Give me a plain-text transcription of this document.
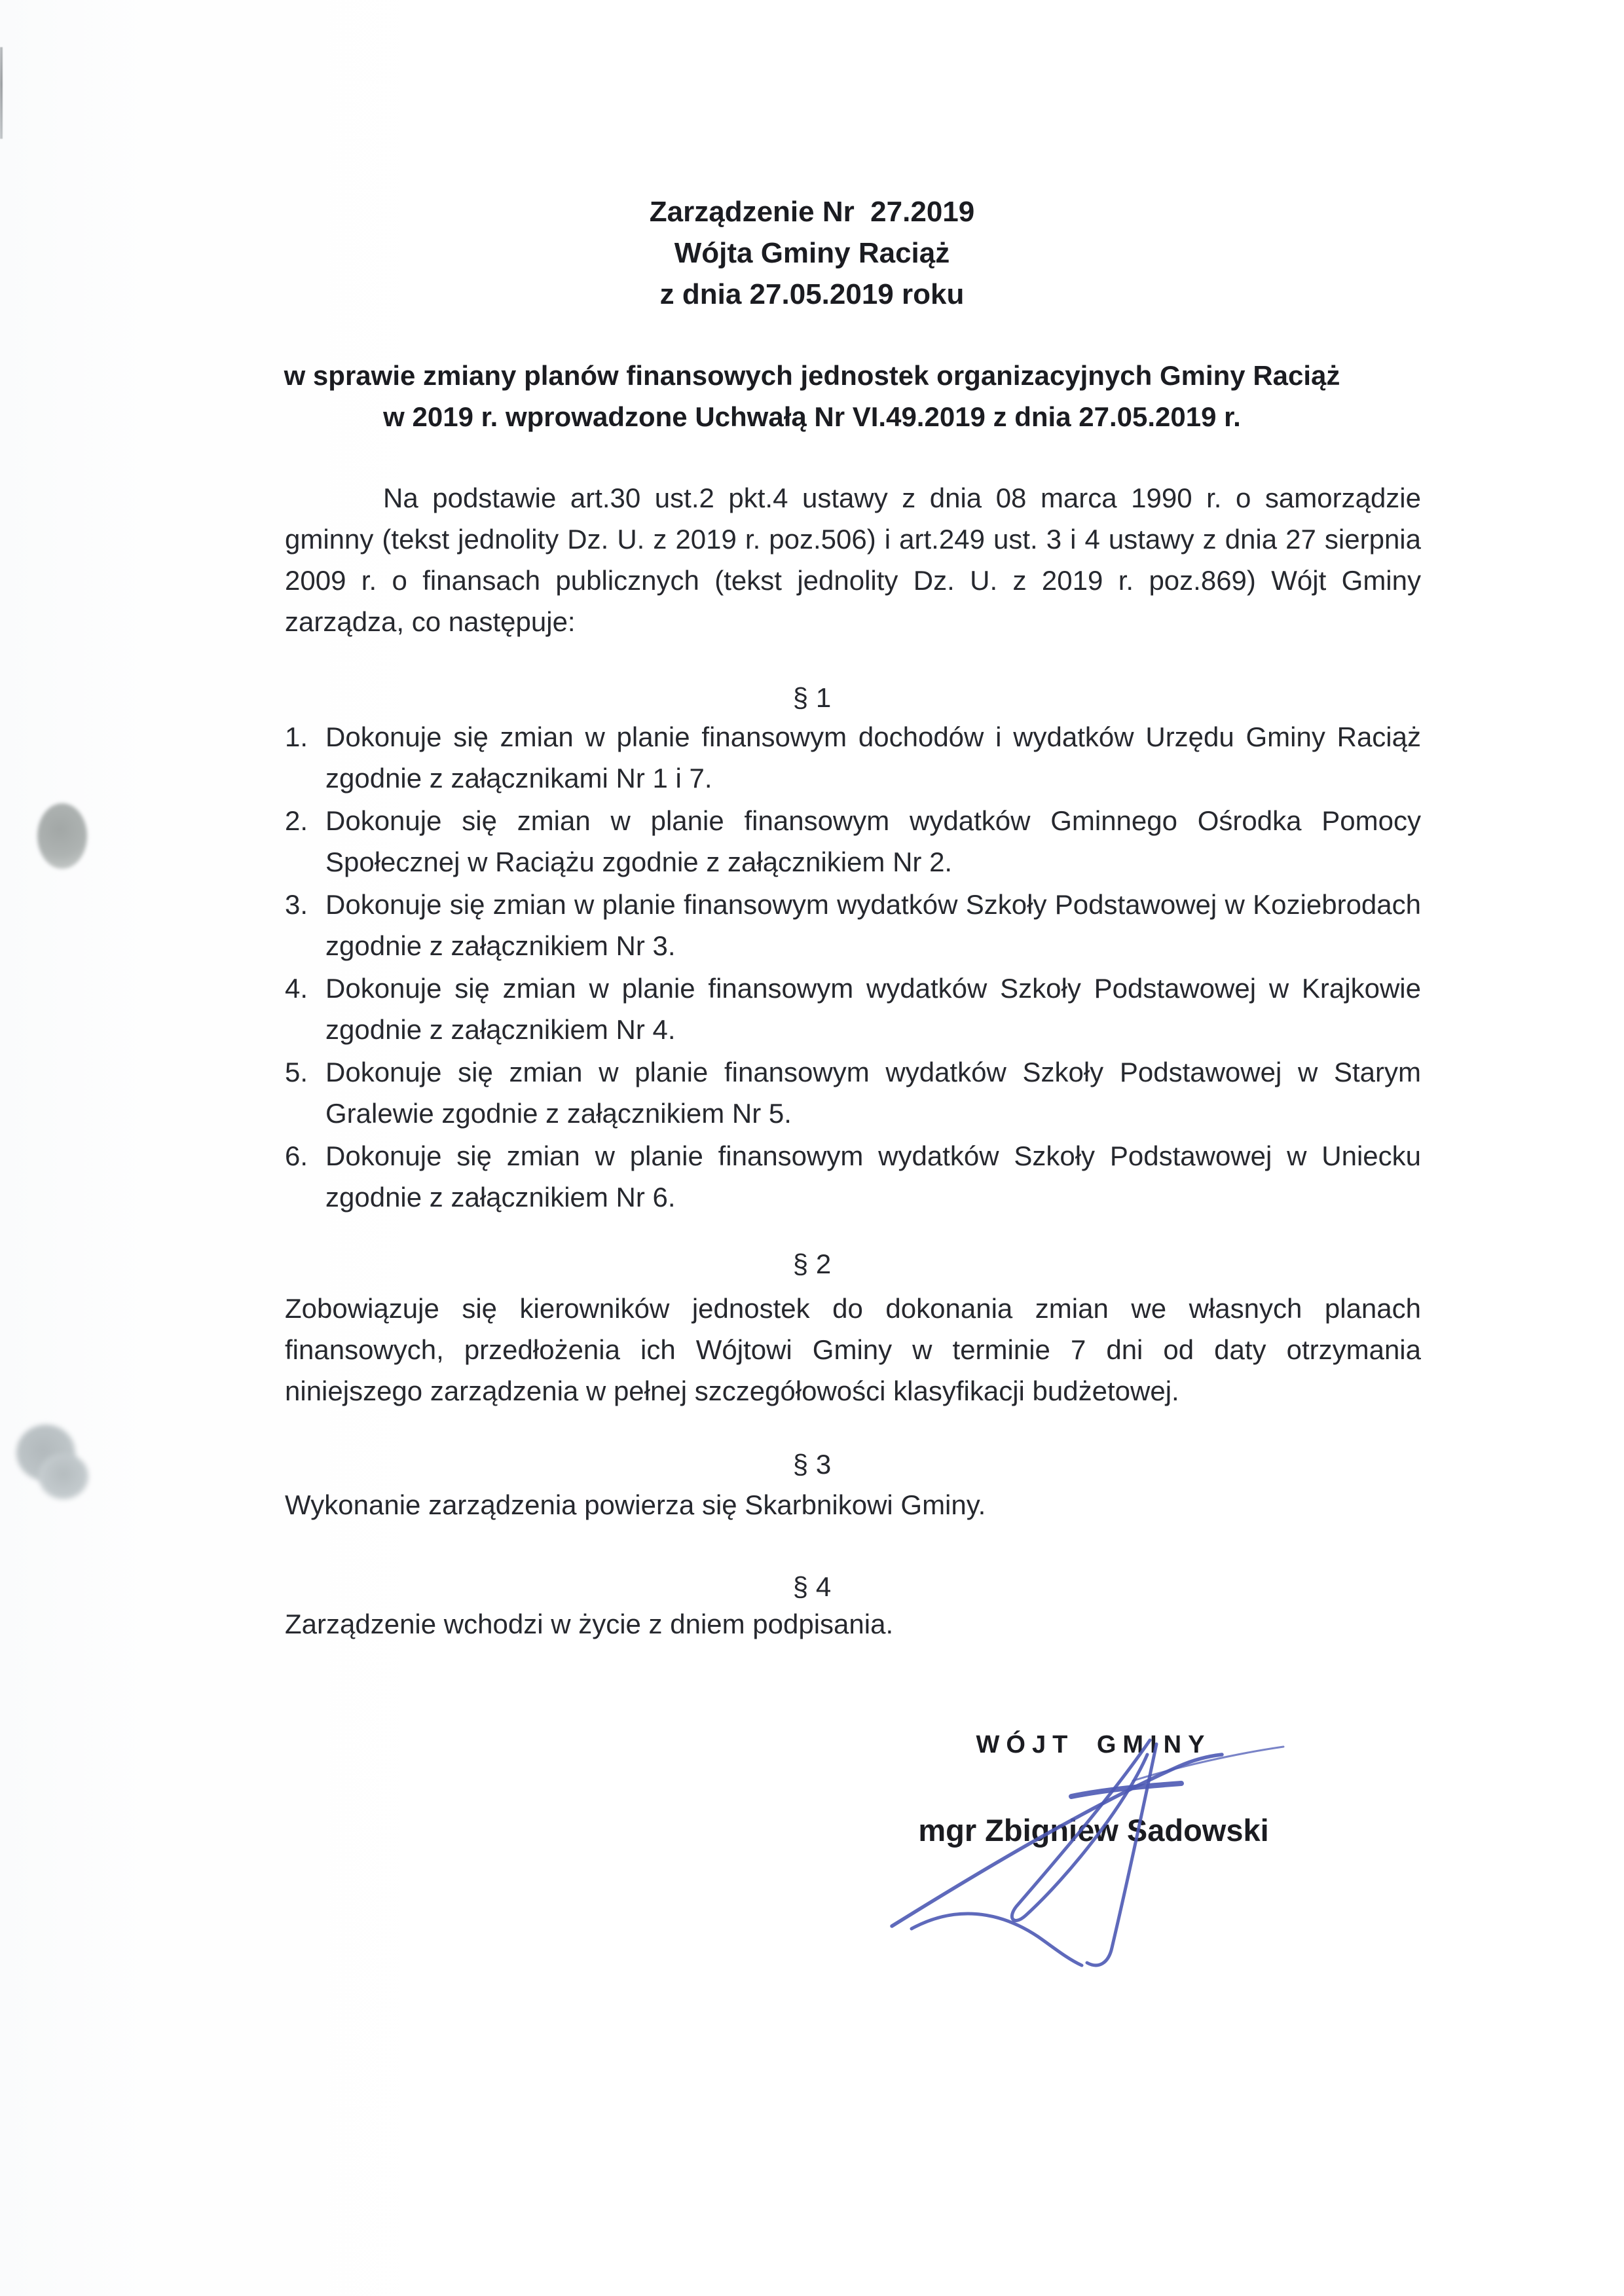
Zarządzenie Nr  27.2019
Wójta Gminy Raciąż
z dnia 27.05.2019 roku
w sprawie zmiany planów finansowych jednostek organizacyjnych Gminy Raciąż
w 2019 r. wprowadzone Uchwałą Nr VI.49.2019 z dnia 27.05.2019 r.
Na podstawie art.30 ust.2 pkt.4 ustawy z dnia 08 marca 1990 r. o samorządzie gminny (tekst jednolity Dz. U. z 2019 r. poz.506) i art.249 ust. 3 i 4 ustawy z dnia 27 sierpnia 2009 r. o finansach publicznych (tekst jednolity Dz. U. z 2019 r. poz.869) Wójt Gminy zarządza, co następuje:
§ 1
1. Dokonuje się zmian w planie finansowym dochodów i wydatków Urzędu Gminy Raciąż zgodnie z załącznikami Nr 1 i 7.
2. Dokonuje się zmian w planie finansowym wydatków Gminnego Ośrodka Pomocy Społecznej w Raciążu zgodnie z załącznikiem Nr 2.
3. Dokonuje się zmian w planie finansowym wydatków Szkoły Podstawowej w Koziebrodach zgodnie z załącznikiem Nr 3.
4. Dokonuje się zmian w planie finansowym wydatków Szkoły Podstawowej w Krajkowie zgodnie z załącznikiem Nr 4.
5. Dokonuje się zmian w planie finansowym wydatków Szkoły Podstawowej w Starym Gralewie zgodnie z załącznikiem Nr 5.
6. Dokonuje się zmian w planie finansowym wydatków Szkoły Podstawowej w Uniecku zgodnie z załącznikiem Nr 6.
§ 2
Zobowiązuje się kierowników jednostek do dokonania zmian we własnych planach finansowych, przedłożenia ich Wójtowi Gminy w terminie 7 dni od daty otrzymania niniejszego zarządzenia w pełnej szczegółowości klasyfikacji budżetowej.
§ 3
Wykonanie zarządzenia powierza się Skarbnikowi Gminy.
§ 4
Zarządzenie wchodzi w życie z dniem podpisania.
WÓJT GMINY
mgr Zbigniew Sadowski
